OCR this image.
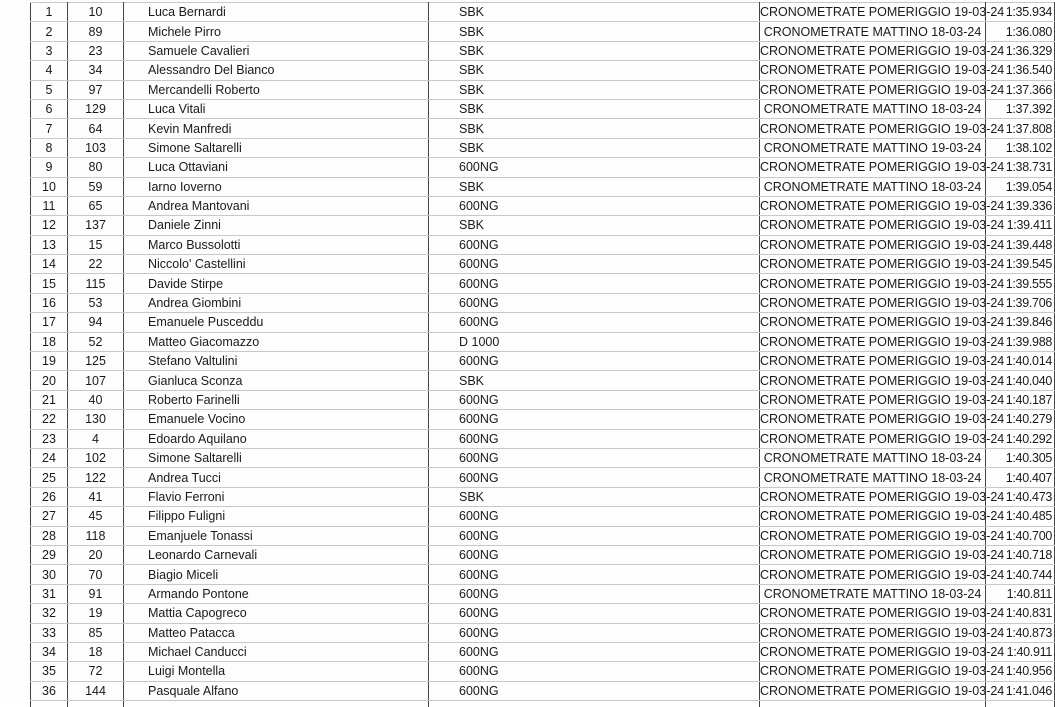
1	10	Luca Bernardi	SBK	CRONOMETRATE POMERIGGIO 19-03-24	1:35.934
2	89	Michele Pirro	SBK	CRONOMETRATE MATTINO 18-03-24	1:36.080
3	23	Samuele Cavalieri	SBK	CRONOMETRATE POMERIGGIO 19-03-24	1:36.329
4	34	Alessandro Del Bianco	SBK	CRONOMETRATE POMERIGGIO 19-03-24	1:36.540
5	97	Mercandelli Roberto	SBK	CRONOMETRATE POMERIGGIO 19-03-24	1:37.366
6	129	Luca Vitali	SBK	CRONOMETRATE MATTINO 18-03-24	1:37.392
7	64	Kevin Manfredi	SBK	CRONOMETRATE POMERIGGIO 19-03-24	1:37.808
8	103	Simone Saltarelli	SBK	CRONOMETRATE MATTINO 19-03-24	1:38.102
9	80	Luca Ottaviani	600NG	CRONOMETRATE POMERIGGIO 19-03-24	1:38.731
10	59	Iarno Ioverno	SBK	CRONOMETRATE MATTINO 18-03-24	1:39.054
11	65	Andrea Mantovani	600NG	CRONOMETRATE POMERIGGIO 19-03-24	1:39.336
12	137	Daniele Zinni	SBK	CRONOMETRATE POMERIGGIO 19-03-24	1:39.411
13	15	Marco Bussolotti	600NG	CRONOMETRATE POMERIGGIO 19-03-24	1:39.448
14	22	Niccolo' Castellini	600NG	CRONOMETRATE POMERIGGIO 19-03-24	1:39.545
15	115	Davide Stirpe	600NG	CRONOMETRATE POMERIGGIO 19-03-24	1:39.555
16	53	Andrea Giombini	600NG	CRONOMETRATE POMERIGGIO 19-03-24	1:39.706
17	94	Emanuele Pusceddu	600NG	CRONOMETRATE POMERIGGIO 19-03-24	1:39.846
18	52	Matteo Giacomazzo	D 1000	CRONOMETRATE POMERIGGIO 19-03-24	1:39.988
19	125	Stefano Valtulini	600NG	CRONOMETRATE POMERIGGIO 19-03-24	1:40.014
20	107	Gianluca Sconza	SBK	CRONOMETRATE POMERIGGIO 19-03-24	1:40.040
21	40	Roberto Farinelli	600NG	CRONOMETRATE POMERIGGIO 19-03-24	1:40.187
22	130	Emanuele Vocino	600NG	CRONOMETRATE POMERIGGIO 19-03-24	1:40.279
23	4	Edoardo Aquilano	600NG	CRONOMETRATE POMERIGGIO 19-03-24	1:40.292
24	102	Simone Saltarelli	600NG	CRONOMETRATE MATTINO 18-03-24	1:40.305
25	122	Andrea Tucci	600NG	CRONOMETRATE MATTINO 18-03-24	1:40.407
26	41	Flavio Ferroni	SBK	CRONOMETRATE POMERIGGIO 19-03-24	1:40.473
27	45	Filippo Fuligni	600NG	CRONOMETRATE POMERIGGIO 19-03-24	1:40.485
28	118	Emanjuele Tonassi	600NG	CRONOMETRATE POMERIGGIO 19-03-24	1:40.700
29	20	Leonardo Carnevali	600NG	CRONOMETRATE POMERIGGIO 19-03-24	1:40.718
30	70	Biagio Miceli	600NG	CRONOMETRATE POMERIGGIO 19-03-24	1:40.744
31	91	Armando Pontone	600NG	CRONOMETRATE MATTINO 18-03-24	1:40.811
32	19	Mattia Capogreco	600NG	CRONOMETRATE POMERIGGIO 19-03-24	1:40.831
33	85	Matteo Patacca	600NG	CRONOMETRATE POMERIGGIO 19-03-24	1:40.873
34	18	Michael Canducci	600NG	CRONOMETRATE POMERIGGIO 19-03-24	1:40.911
35	72	Luigi Montella	600NG	CRONOMETRATE POMERIGGIO 19-03-24	1:40.956
36	144	Pasquale Alfano	600NG	CRONOMETRATE POMERIGGIO 19-03-24	1:41.046
